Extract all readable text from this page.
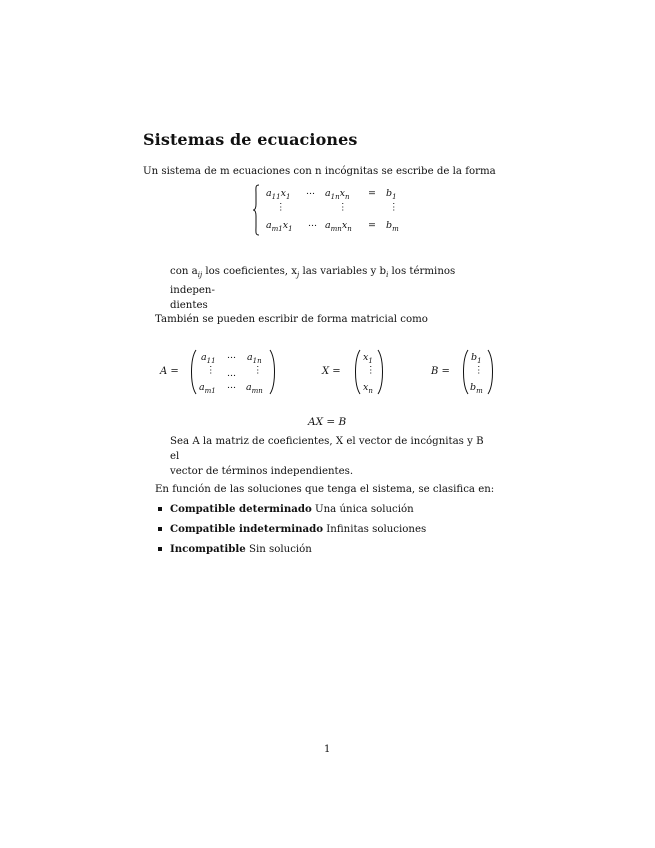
Sistemas de ecuaciones
Un sistema de m ecuaciones con n incógnitas se escribe de la forma
$a_{11}x_1$ ... $a_{1n}x_n = b_1$
⋮	⋮	⋮
$a_{m1}x_1$ ... $a_{mn}x_n = b_m$
con $a_{ij}$ los coeficientes, $x_j$ las variables y $b_i$ los términos indepen-
dientes
También se pueden escribir de forma matricial como
A =
$a_{11}$ ... $a_{1n}$
⋮ ... ⋮
$a_{m1}$ ... $a_{mn}$
X =
$x_1$
⋮
$x_n$
B =
$b_1$
⋮
$b_m$
AX = B
Sea A la matriz de coeficientes, X el vector de incógnitas y B el
vector de términos independientes.
En función de las soluciones que tenga el sistema, se clasifica en:
Compatible determinado Una única solución
Compatible indeterminado Infinitas soluciones
Incompatible Sin solución
1
